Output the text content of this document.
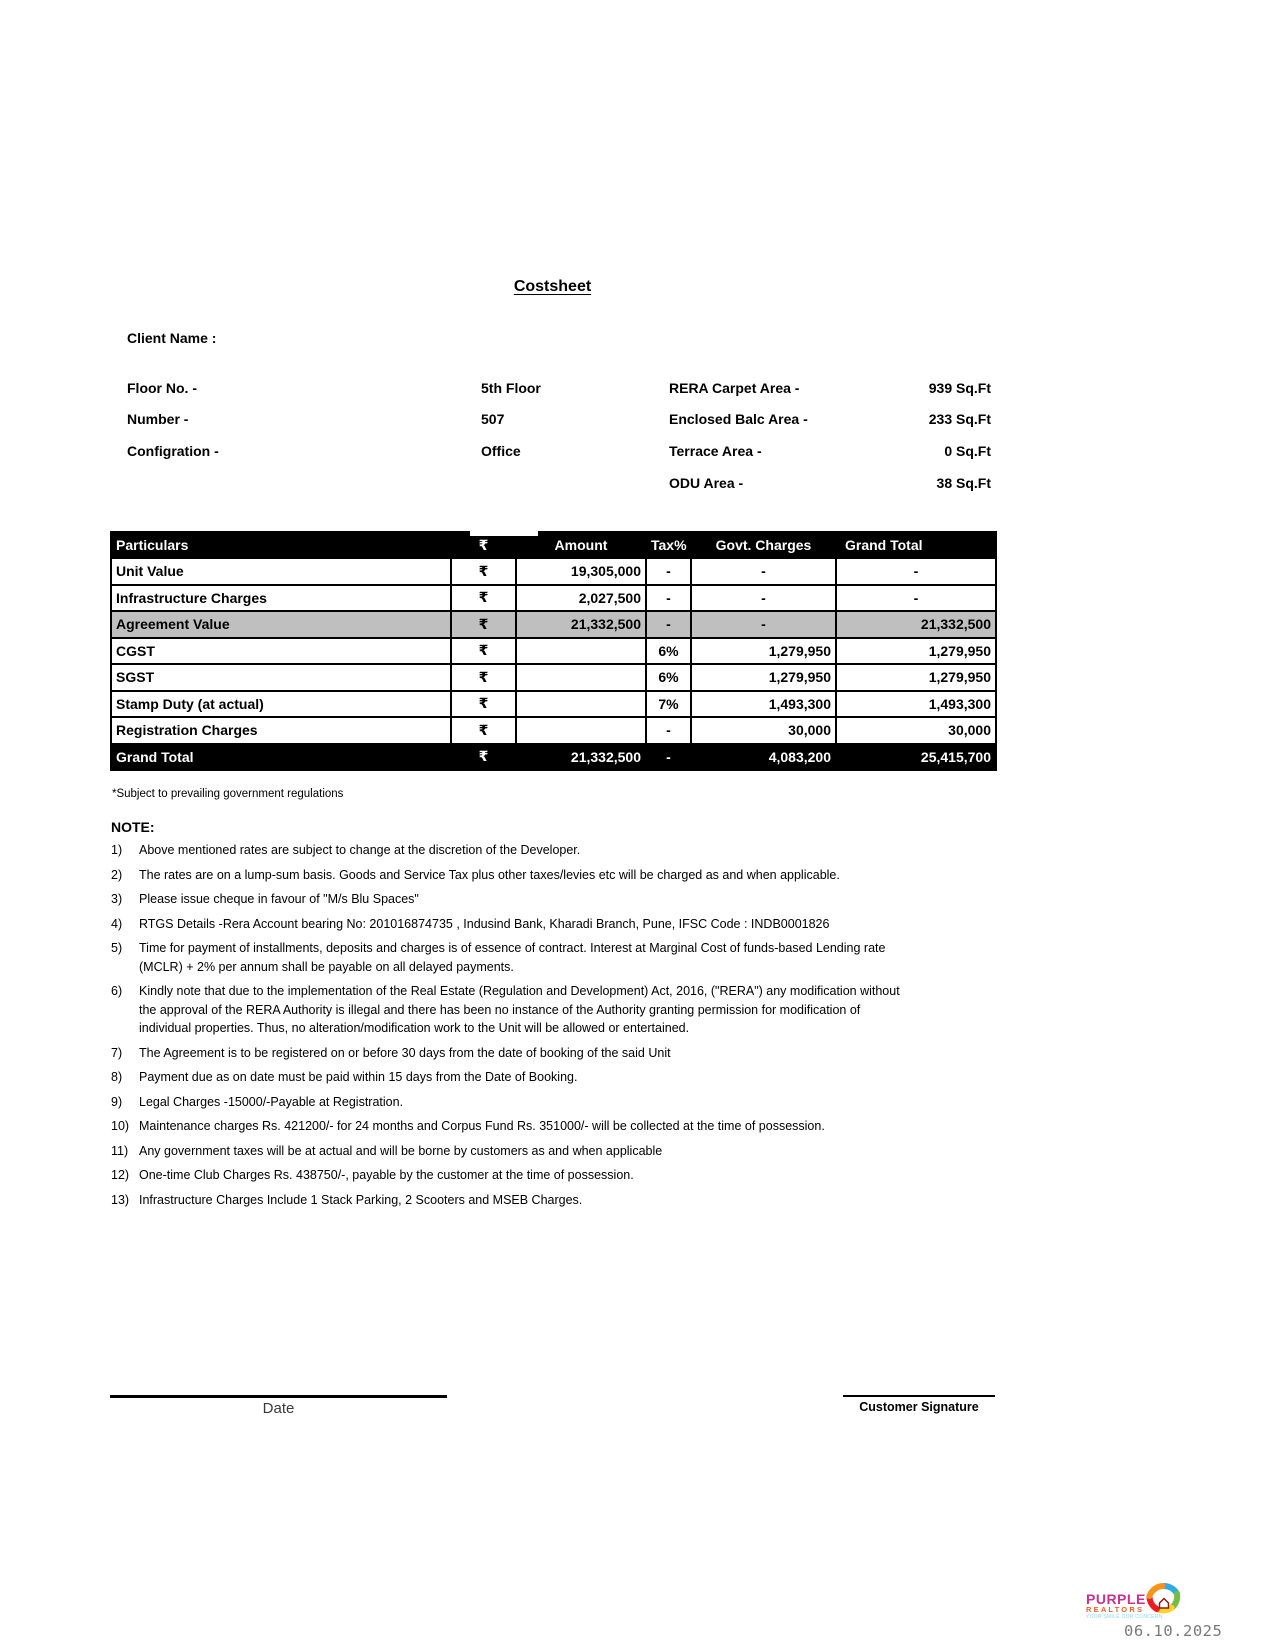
Costsheet
Client Name :
Floor No. -	5th Floor	RERA Carpet Area -	939 Sq.Ft
Number -	507	Enclosed Balc Area -	233 Sq.Ft
Configration -	Office	Terrace Area -	0 Sq.Ft
ODU Area -	38 Sq.Ft
Particulars	₹	Amount	Tax%	Govt. Charges	Grand Total
Unit Value	₹	19,305,000	-	-	-
Infrastructure Charges	₹	2,027,500	-	-	-
Agreement Value	₹	21,332,500	-	-	21,332,500
CGST	₹		6%	1,279,950	1,279,950
SGST	₹		6%	1,279,950	1,279,950
Stamp Duty (at actual)	₹		7%	1,493,300	1,493,300
Registration Charges	₹		-	30,000	30,000
Grand Total	₹	21,332,500	-	4,083,200	25,415,700
*Subject to prevailing government regulations
NOTE:
1)	Above mentioned rates are subject to change at the discretion of the Developer.
2)	The rates are on a lump-sum basis. Goods and Service Tax plus other taxes/levies etc will be charged as and when applicable.
3)	Please issue cheque in favour of "M/s Blu Spaces"
4)	RTGS Details -Rera Account bearing No: 201016874735 , Indusind Bank, Kharadi Branch, Pune, IFSC Code : INDB0001826
5)	Time for payment of installments, deposits and charges is of essence of contract. Interest at Marginal Cost of funds-based Lending rate (MCLR) + 2% per annum shall be payable on all delayed payments.
6)	Kindly note that due to the implementation of the Real Estate (Regulation and Development) Act, 2016, ("RERA") any modification without the approval of the RERA Authority is illegal and there has been no instance of the Authority granting permission for modification of individual properties. Thus, no alteration/modification work to the Unit will be allowed or entertained.
7)	The Agreement is to be registered on or before 30 days from the date of booking of the said Unit
8)	Payment due as on date must be paid within 15 days from the Date of Booking.
9)	Legal Charges -15000/-Payable at Registration.
10) Maintenance charges Rs. 421200/- for 24 months and Corpus Fund Rs. 351000/- will be collected at the time of possession.
11) Any government taxes will be at actual and will be borne by customers as and when applicable
12) One-time Club Charges Rs. 438750/-, payable by the customer at the time of possession.
13) Infrastructure Charges Include 1 Stack Parking, 2 Scooters and MSEB Charges.
Date	Customer Signature
PURPLE
REALTORS
YOUR SMILE OUR CONCERN
06.10.2025
